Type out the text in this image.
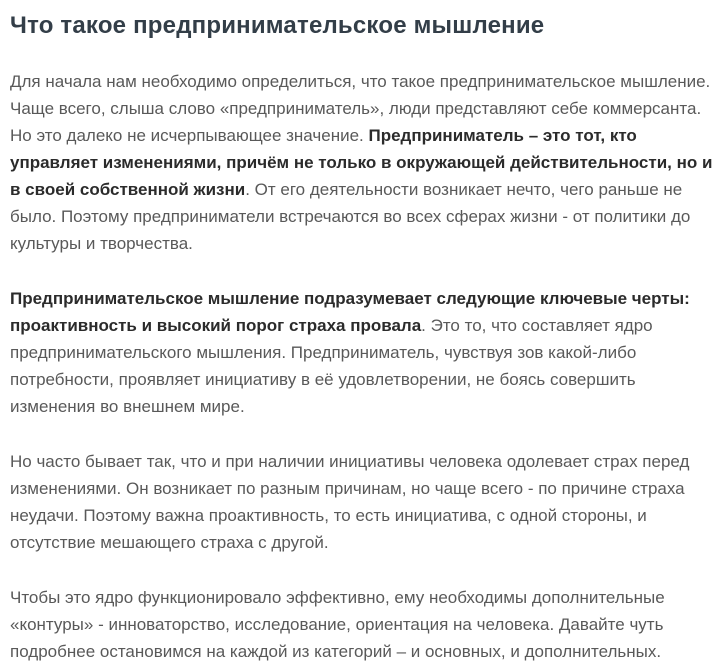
Что такое предпринимательское мышление

Для начала нам необходимо определиться, что такое предпринимательское мышление. Чаще всего, слыша слово «предприниматель», люди представляют себе коммерсанта. Но это далеко не исчерпывающее значение. Предприниматель – это тот, кто управляет изменениями, причём не только в окружающей действительности, но и в своей собственной жизни. От его деятельности возникает нечто, чего раньше не было. Поэтому предприниматели встречаются во всех сферах жизни - от политики до культуры и творчества.

Предпринимательское мышление подразумевает следующие ключевые черты: проактивность и высокий порог страха провала. Это то, что составляет ядро предпринимательского мышления. Предприниматель, чувствуя зов какой-либо потребности, проявляет инициативу в её удовлетворении, не боясь совершить изменения во внешнем мире.

Но часто бывает так, что и при наличии инициативы человека одолевает страх перед изменениями. Он возникает по разным причинам, но чаще всего - по причине страха неудачи. Поэтому важна проактивность, то есть инициатива, с одной стороны, и отсутствие мешающего страха с другой.

Чтобы это ядро функционировало эффективно, ему необходимы дополнительные «контуры» - инноваторство, исследование, ориентация на человека. Давайте чуть подробнее остановимся на каждой из категорий – и основных, и дополнительных.
